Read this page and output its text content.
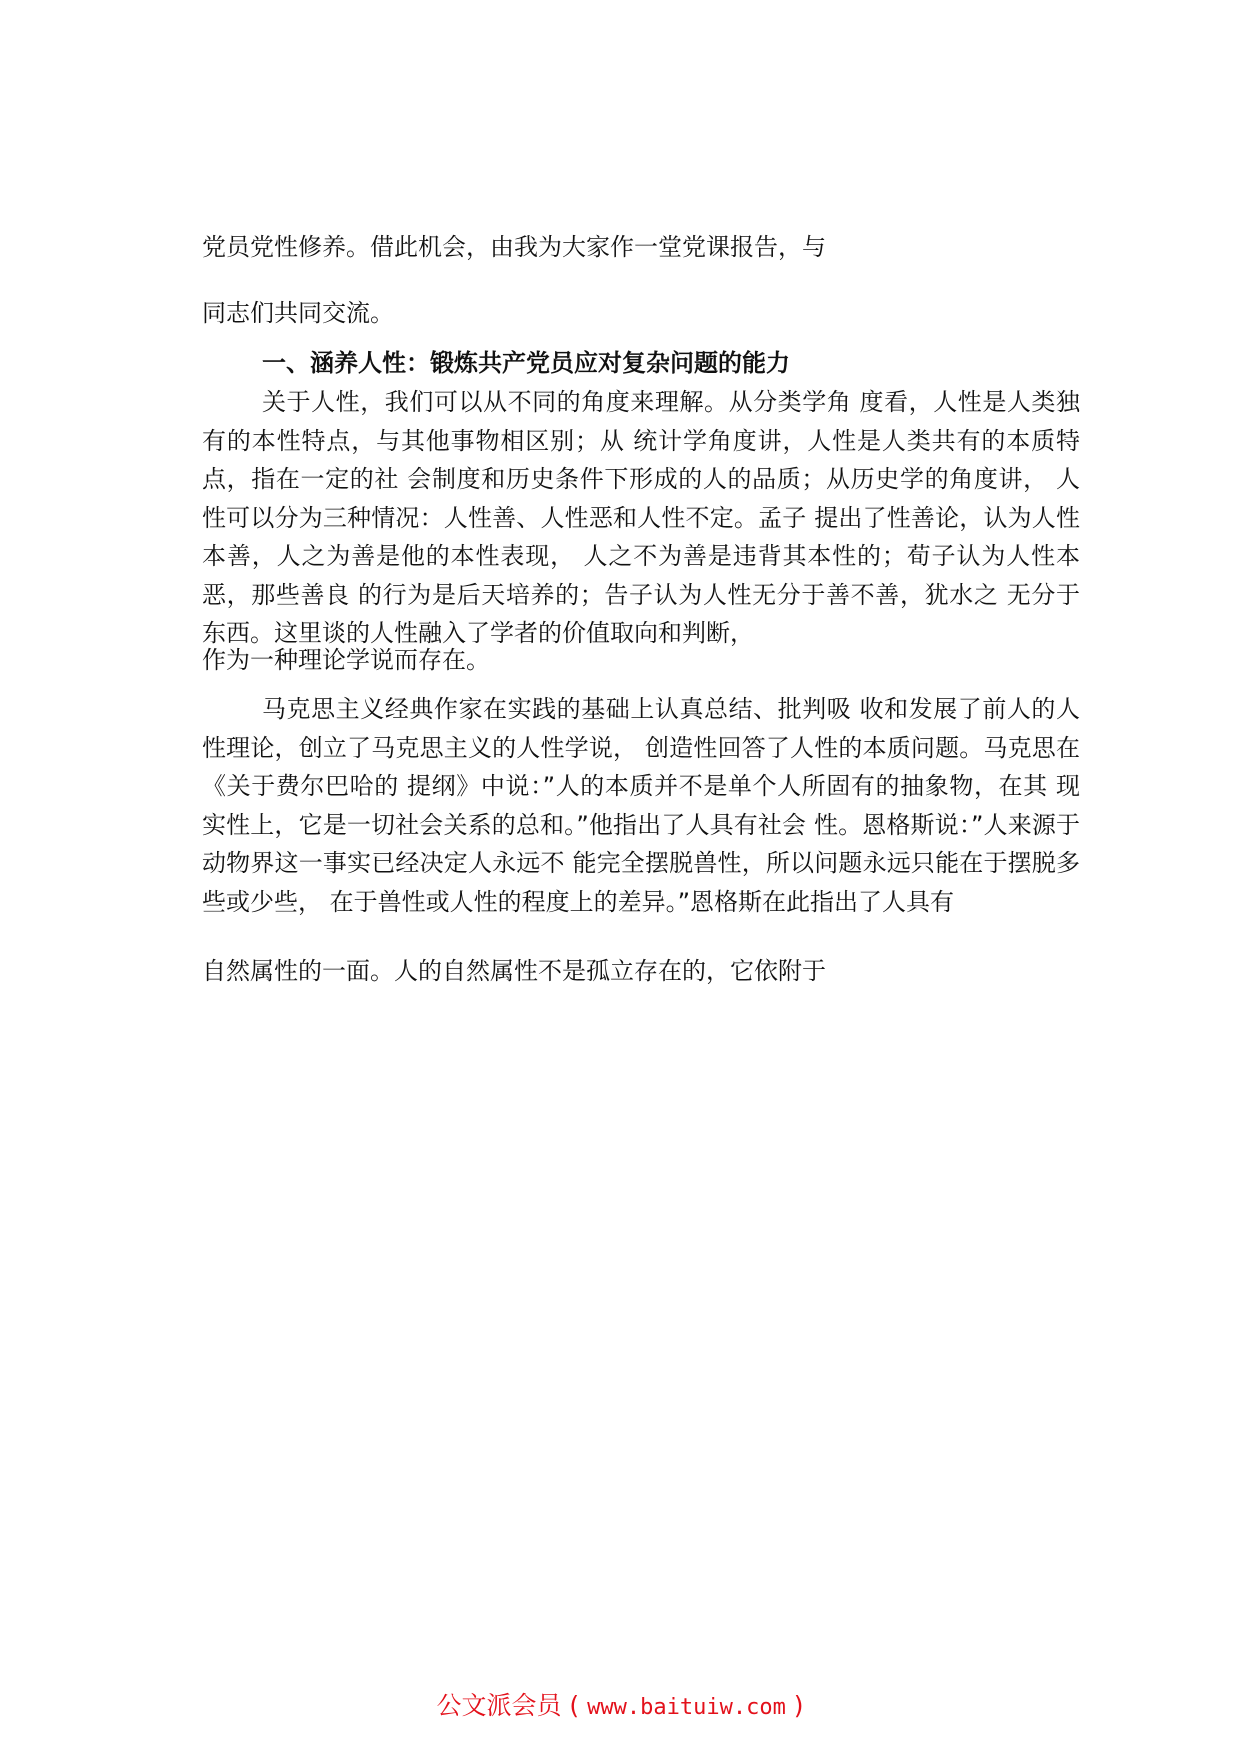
党员党性修养。借此机会，由我为大家作一堂党课报告，与

同志们共同交流。

一、涵养人性：锻炼共产党员应对复杂问题的能力

关于人性，我们可以从不同的角度来理解。从分类学角 度看，人性是人类独有的本性特点，与其他事物相区别；从 统计学角度讲，人性是人类共有的本质特点，指在一定的社 会制度和历史条件下形成的人的品质；从历史学的角度讲， 人性可以分为三种情况：人性善、人性恶和人性不定。孟子 提出了性善论，认为人性本善，人之为善是他的本性表现， 人之不为善是违背其本性的；荀子认为人性本恶，那些善良 的行为是后天培养的；告子认为人性无分于善不善，犹水之 无分于东西。这里谈的人性融入了学者的价值取向和判断，

作为一种理论学说而存在。

马克思主义经典作家在实践的基础上认真总结、批判吸 收和发展了前人的人性理论，创立了马克思主义的人性学说， 创造性回答了人性的本质问题。马克思在《关于费尔巴哈的 提纲》中说：”人的本质并不是单个人所固有的抽象物，在其 现实性上，它是一切社会关系的总和。”他指出了人具有社会 性。恩格斯说：”人来源于动物界这一事实已经决定人永远不 能完全摆脱兽性，所以问题永远只能在于摆脱多些或少些， 在于兽性或人性的程度上的差异。”恩格斯在此指出了人具有

自然属性的一面。人的自然属性不是孤立存在的，它依附于

公文派会员 ( www.baituiw.com )
